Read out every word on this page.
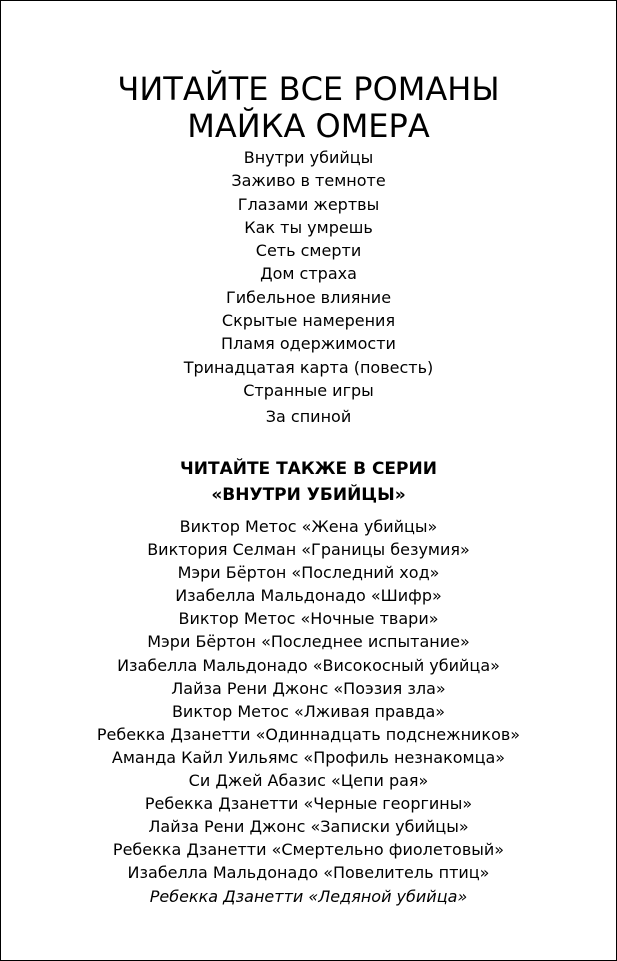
ЧИТАЙТЕ ВСЕ РОМАНЫ
МАЙКА ОМЕРА
Внутри убийцы
Заживо в темноте
Глазами жертвы
Как ты умрешь
Сеть смерти
Дом страха
Гибельное влияние
Скрытые намерения
Пламя одержимости
Тринадцатая карта (повесть)
Странные игры
За спиной
ЧИТАЙТЕ ТАКЖЕ В СЕРИИ
«ВНУТРИ УБИЙЦЫ»
Виктор Метос «Жена убийцы»
Виктория Селман «Границы безумия»
Мэри Бёртон «Последний ход»
Изабелла Мальдонадо «Шифр»
Виктор Метос «Ночные твари»
Мэри Бёртон «Последнее испытание»
Изабелла Мальдонадо «Високосный убийца»
Лайза Рени Джонс «Поэзия зла»
Виктор Метос «Лживая правда»
Ребекка Дзанетти «Одиннадцать подснежников»
Аманда Кайл Уильямс «Профиль незнакомца»
Си Джей Абазис «Цепи рая»
Ребекка Дзанетти «Черные георгины»
Лайза Рени Джонс «Записки убийцы»
Ребекка Дзанетти «Смертельно фиолетовый»
Изабелла Мальдонадо «Повелитель птиц»
Ребекка Дзанетти «Ледяной убийца»
